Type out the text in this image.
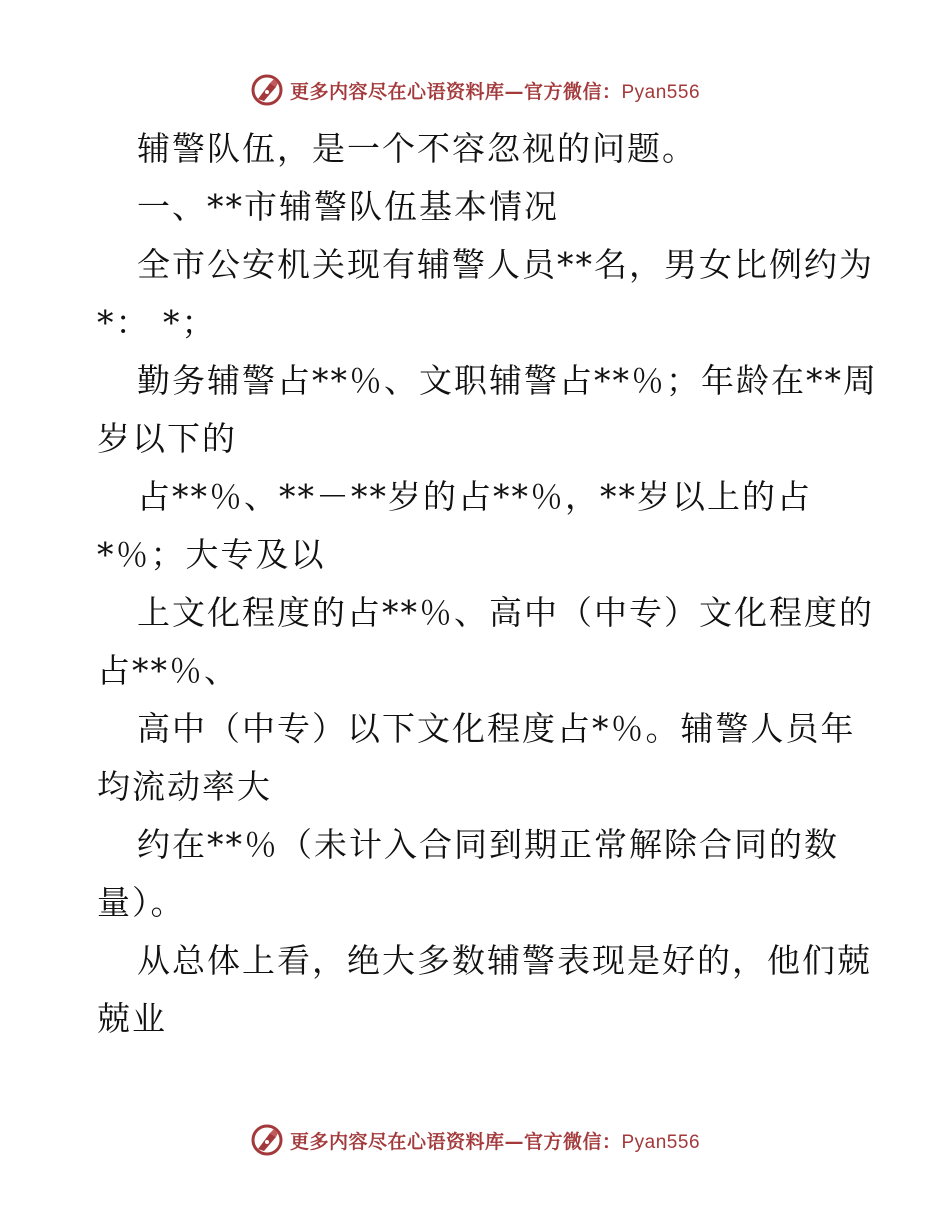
更多内容尽在心语资料库—官方微信：Pyan556
辅警队伍，是一个不容忽视的问题。
一、**市辅警队伍基本情况
全市公安机关现有辅警人员**名，男女比例约为
*： *；
勤务辅警占**％、文职辅警占**％；年龄在**周
岁以下的
占**％、**－**岁的占**％，**岁以上的占
*％；大专及以
上文化程度的占**％、高中（中专）文化程度的
占**％、
高中（中专）以下文化程度占*％。辅警人员年
均流动率大
约在**％（未计入合同到期正常解除合同的数
量）。
从总体上看，绝大多数辅警表现是好的，他们兢
兢业
更多内容尽在心语资料库—官方微信：Pyan556
